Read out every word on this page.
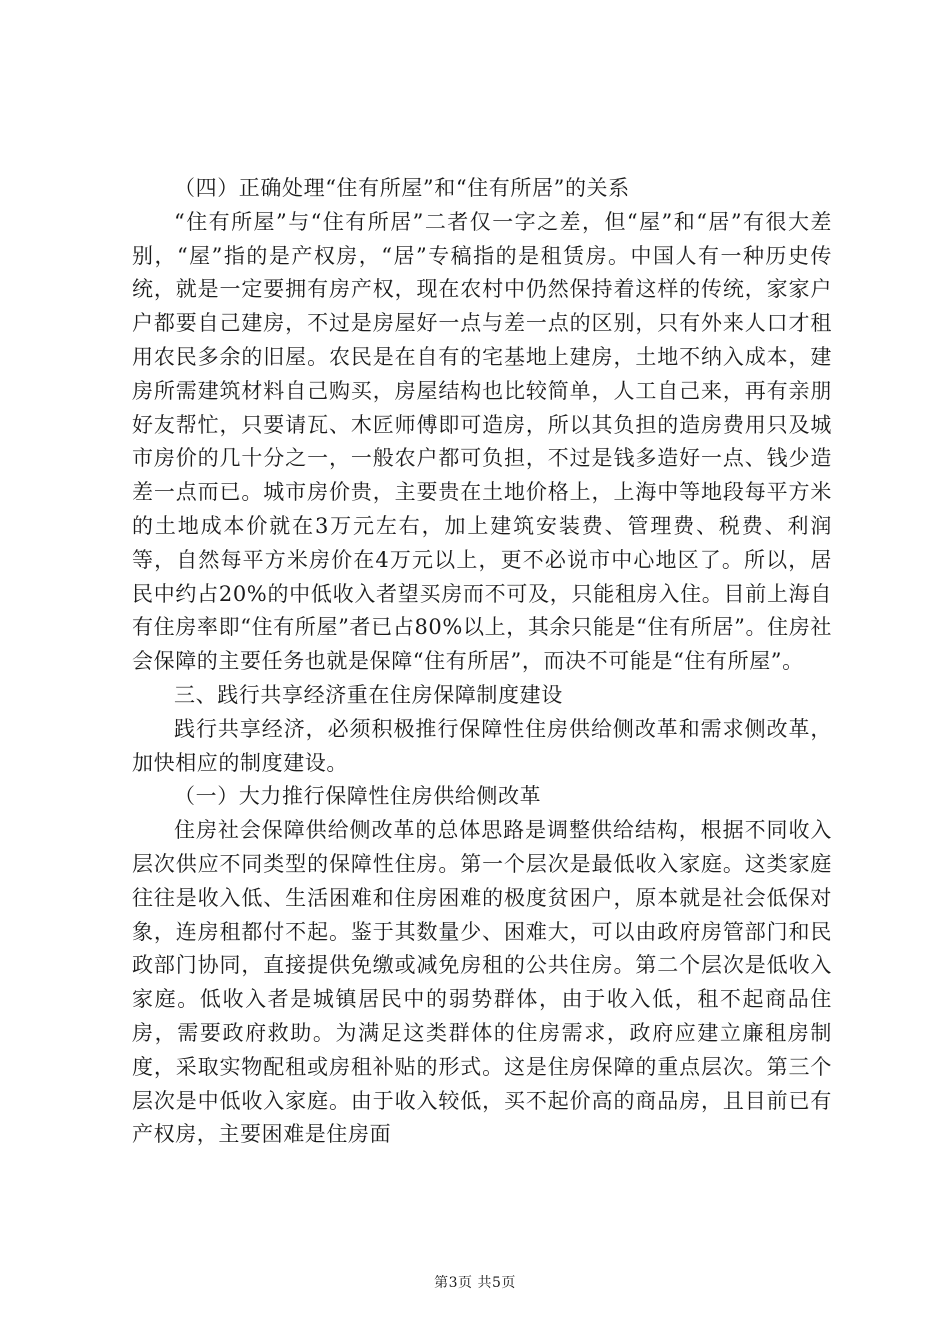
（四）正确处理“住有所屋”和“住有所居”的关系

“住有所屋”与“住有所居”二者仅一字之差，但“屋”和“居”有很大差别，“屋”指的是产权房，“居”专稿指的是租赁房。中国人有一种历史传统，就是一定要拥有房产权，现在农村中仍然保持着这样的传统，家家户户都要自己建房，不过是房屋好一点与差一点的区别，只有外来人口才租用农民多余的旧屋。农民是在自有的宅基地上建房，土地不纳入成本，建房所需建筑材料自己购买，房屋结构也比较简单，人工自己来，再有亲朋好友帮忙，只要请瓦、木匠师傅即可造房，所以其负担的造房费用只及城市房价的几十分之一，一般农户都可负担，不过是钱多造好一点、钱少造差一点而已。城市房价贵，主要贵在土地价格上，上海中等地段每平方米的土地成本价就在3万元左右，加上建筑安装费、管理费、税费、利润等，自然每平方米房价在4万元以上，更不必说市中心地区了。所以，居民中约占20%的中低收入者望买房而不可及，只能租房入住。目前上海自有住房率即“住有所屋”者已占80%以上，其余只能是“住有所居”。住房社会保障的主要任务也就是保障“住有所居”，而决不可能是“住有所屋”。

三、践行共享经济重在住房保障制度建设

践行共享经济，必须积极推行保障性住房供给侧改革和需求侧改革，加快相应的制度建设。

（一）大力推行保障性住房供给侧改革

住房社会保障供给侧改革的总体思路是调整供给结构，根据不同收入层次供应不同类型的保障性住房。第一个层次是最低收入家庭。这类家庭往往是收入低、生活困难和住房困难的极度贫困户，原本就是社会低保对象，连房租都付不起。鉴于其数量少、困难大，可以由政府房管部门和民政部门协同，直接提供免缴或减免房租的公共住房。第二个层次是低收入家庭。低收入者是城镇居民中的弱势群体，由于收入低，租不起商品住房，需要政府救助。为满足这类群体的住房需求，政府应建立廉租房制度，采取实物配租或房租补贴的形式。这是住房保障的重点层次。第三个层次是中低收入家庭。由于收入较低，买不起价高的商品房，且目前已有产权房，主要困难是住房面

第3页 共5页
